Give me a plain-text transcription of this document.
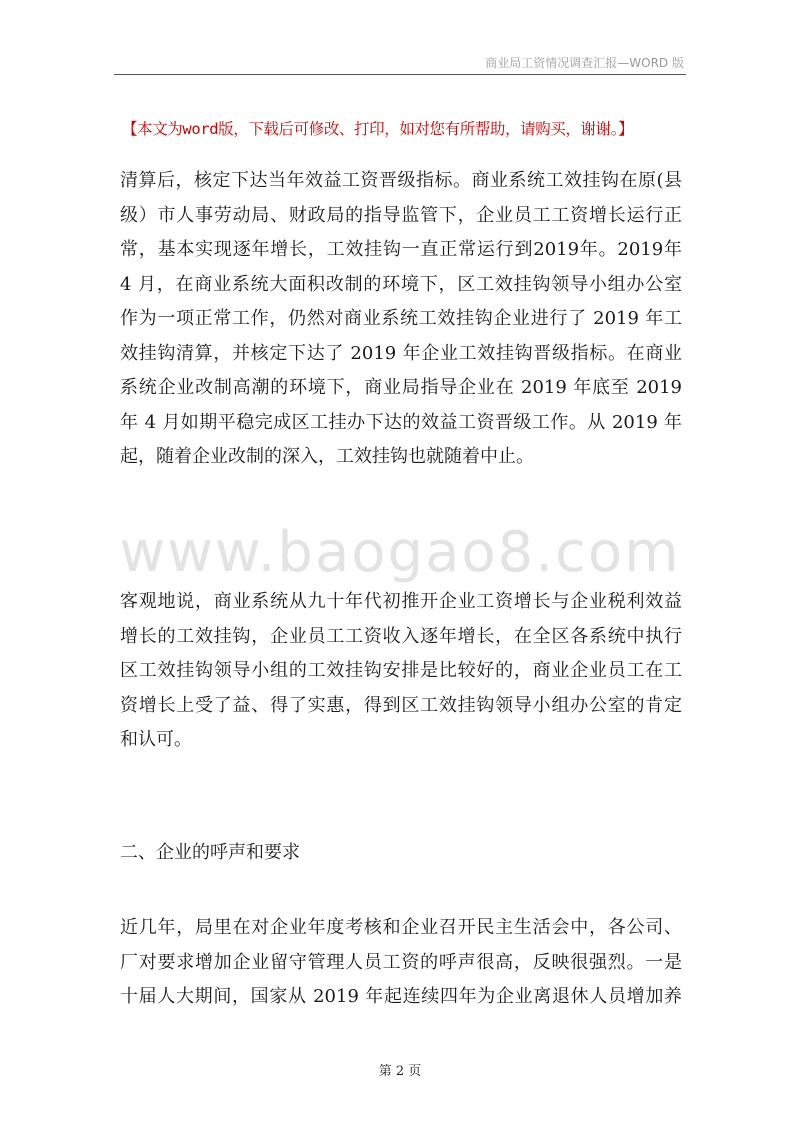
商业局工资情况调查汇报—WORD 版
【本文为word版，下载后可修改、打印，如对您有所帮助，请购买，谢谢。】
www.baogao8.com
清算后，核定下达当年效益工资晋级指标。商业系统工效挂钩在原(县
级）市人事劳动局、财政局的指导监管下，企业员工工资增长运行正
常，基本实现逐年增长，工效挂钩一直正常运行到2019年。2019年
4 月，在商业系统大面积改制的环境下，区工效挂钩领导小组办公室
作为一项正常工作，仍然对商业系统工效挂钩企业进行了 2019 年工
效挂钩清算，并核定下达了 2019 年企业工效挂钩晋级指标。在商业
系统企业改制高潮的环境下，商业局指导企业在 2019 年底至 2019
年 4 月如期平稳完成区工挂办下达的效益工资晋级工作。从 2019 年
起，随着企业改制的深入，工效挂钩也就随着中止。
客观地说，商业系统从九十年代初推开企业工资增长与企业税利效益
增长的工效挂钩，企业员工工资收入逐年增长，在全区各系统中执行
区工效挂钩领导小组的工效挂钩安排是比较好的，商业企业员工在工
资增长上受了益、得了实惠，得到区工效挂钩领导小组办公室的肯定
和认可。
二、企业的呼声和要求
近几年，局里在对企业年度考核和企业召开民主生活会中，各公司、
厂对要求增加企业留守管理人员工资的呼声很高，反映很强烈。一是
十届人大期间，国家从 2019 年起连续四年为企业离退休人员增加养
第 2 页
